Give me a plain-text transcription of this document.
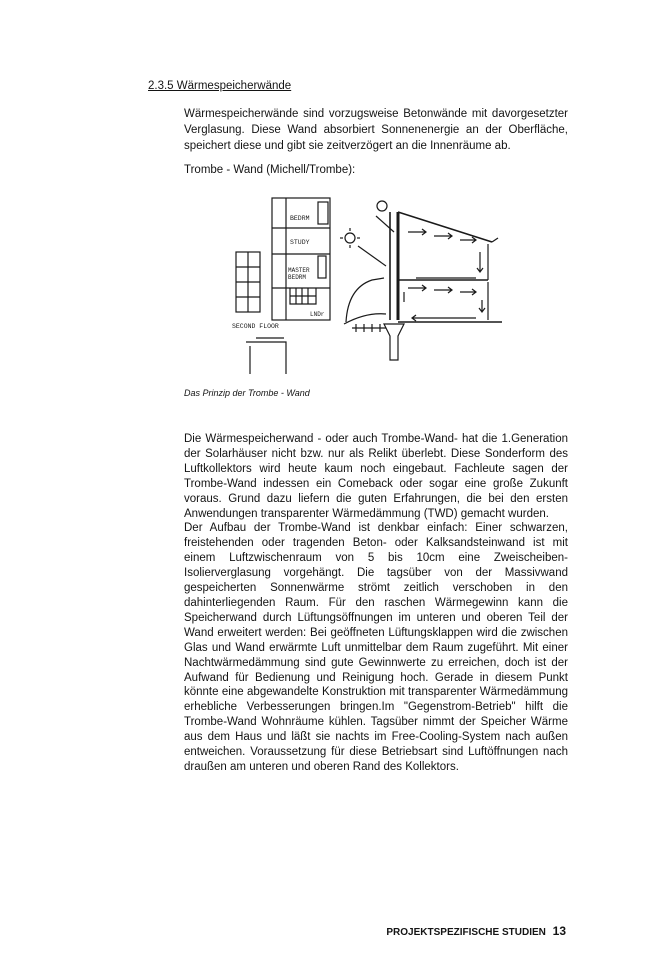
2.3.5 Wärmespeicherwände

Wärmespeicherwände sind vorzugsweise Betonwände mit davorgesetzter Verglasung. Diese Wand absorbiert Sonnenenergie an der Oberfläche, speichert diese und gibt sie zeitverzögert an die Innenräume ab.

Trombe - Wand (Michell/Trombe):

BEDRM
STUDY
MASTER
BEDRM
LNDr
SECOND FLOOR

Das Prinzip der Trombe - Wand

Die Wärmespeicherwand - oder auch Trombe-Wand- hat die 1.Generation der Solarhäuser nicht bzw. nur als Relikt überlebt. Diese Sonderform des Luftkollektors wird heute kaum noch eingebaut. Fachleute sagen der Trombe-Wand indessen ein Comeback oder sogar eine große Zukunft voraus. Grund dazu liefern die guten Erfahrungen, die bei den ersten Anwendungen transparenter Wärmedämmung (TWD) gemacht wurden.

Der Aufbau der Trombe-Wand ist denkbar einfach: Einer schwarzen, freistehenden oder tragenden Beton- oder Kalksandsteinwand ist mit einem Luftzwischenraum von 5 bis 10cm eine Zweischeiben-Isolierverglasung vorgehängt. Die tagsüber von der Massivwand gespeicherten Sonnenwärme strömt zeitlich verschoben in den dahinterliegenden Raum. Für den raschen Wärmegewinn kann die Speicherwand durch Lüftungsöffnungen im unteren und oberen Teil der Wand erweitert werden: Bei geöffneten Lüftungsklappen wird die zwischen Glas und Wand erwärmte Luft unmittelbar dem Raum zugeführt. Mit einer Nachtwärmedämmung sind gute Gewinnwerte zu erreichen, doch ist der Aufwand für Bedienung und Reinigung hoch. Gerade in diesem Punkt könnte eine abgewandelte Konstruktion mit transparenter Wärmedämmung erhebliche Verbesserungen bringen.Im "Gegenstrom-Betrieb" hilft die Trombe-Wand Wohnräume kühlen. Tagsüber nimmt der Speicher Wärme aus dem Haus und läßt sie nachts im Free-Cooling-System nach außen entweichen. Voraussetzung für diese Betriebsart sind Luftöffnungen nach draußen am unteren und oberen Rand des Kollektors.

PROJEKTSPEZIFISCHE STUDIEN 13
